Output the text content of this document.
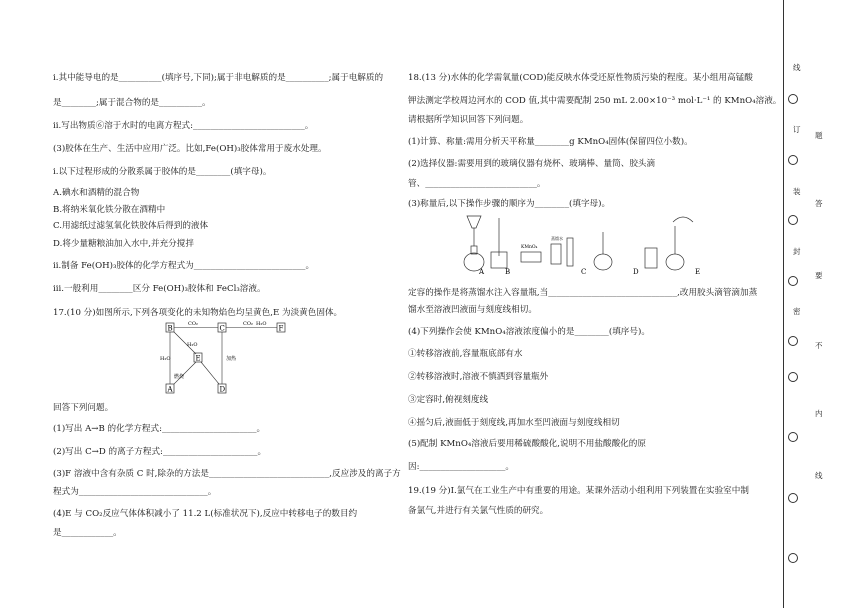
ⅰ.其中能导电的是__________(填序号,下同);属于非电解质的是__________;属于电解质的
是________;属于混合物的是__________。
ⅱ.写出物质⑥溶于水时的电离方程式:__________________________。
(3)胶体在生产、生活中应用广泛。比如,Fe(OH)₃胶体常用于废水处理。
ⅰ.以下过程形成的分散系属于胶体的是________(填字母)。
A.碘水和酒精的混合物
B.将纳米氧化铁分散在酒精中
C.用滤纸过滤氢氧化铁胶体后得到的液体
D.将少量糖粮油加入水中,并充分搅拌
ⅱ.制备 Fe(OH)₃胶体的化学方程式为__________________________。
iii.一般利用________区分 Fe(OH)₃胶体和 FeCl₃溶液。
17.(10 分)如图所示,下列各项变化的未知物焰色均呈黄色,E 为淡黄色固体。
B	C	F
E
A	D
CO₂	CO₂ H₂O
H₂O
H₂O
燃烧
加热
回答下列问题。
(1)写出 A→B 的化学方程式:______________________。
(2)写出 C→D 的离子方程式:______________________。
(3)F 溶液中含有杂质 C 时,除杂的方法是____________________________,反应涉及的离子方
程式为______________________________。
(4)E 与 CO₂反应气体体积减小了 11.2 L(标准状况下),反应中转移电子的数目约
是____________。
18.(13 分)水体的化学需氧量(COD)能反映水体受还原性物质污染的程度。某小组用高锰酸
钾法测定学校周边河水的 COD 值,其中需要配制 250 mL 2.00×10⁻³ mol·L⁻¹ 的 KMnO₄溶液。
请根据所学知识回答下列问题。
(1)计算、称量:需用分析天平称量________g KMnO₄固体(保留四位小数)。
(2)选择仪器:需要用到的玻璃仪器有烧杯、玻璃棒、量筒、胶头滴
管、__________________________。
(3)称量后,以下操作步骤的顺序为________(填字母)。
A	B
KMnO₄
蒸馏水
C	D	E
定容的操作是将蒸馏水注入容量瓶,当______________________________,改用胶头滴管滴加蒸
馏水至溶液凹液面与刻度线相切。
(4)下列操作会使 KMnO₄溶液浓度偏小的是________(填序号)。
①转移溶液前,容量瓶底部有水
②转移溶液时,溶液不慎洒到容量瓶外
③定容时,俯视刻度线
④摇匀后,液面低于刻度线,再加水至凹液面与刻度线相切
(5)配制 KMnO₄溶液后要用稀硫酸酸化,说明不用盐酸酸化的原
因:____________________。
19.(19 分)Ⅰ.氯气在工业生产中有重要的用途。某课外活动小组利用下列装置在实验室中制
备氯气,并进行有关氯气性质的研究。
线
题
答
要
不
内
线
订
装
封
密
